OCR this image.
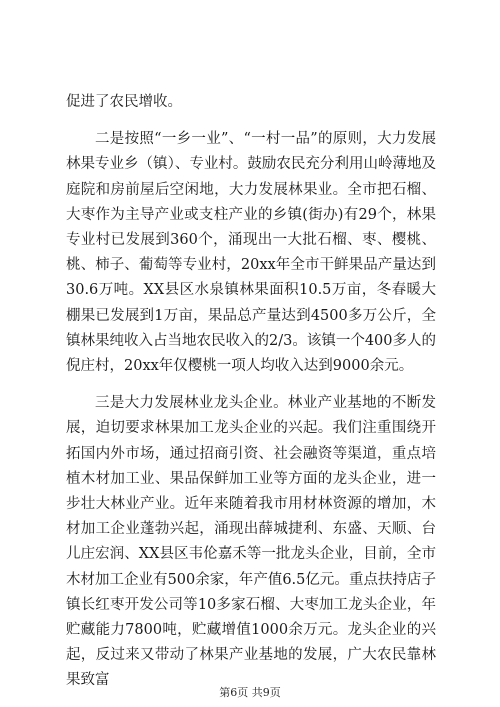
促进了农民增收。

二是按照“一乡一业”、“一村一品”的原则，大力发展林果专业乡（镇）、专业村。鼓励农民充分利用山岭薄地及庭院和房前屋后空闲地，大力发展林果业。全市把石榴、大枣作为主导产业或支柱产业的乡镇(街办)有29个，林果专业村已发展到360个，涌现出一大批石榴、枣、樱桃、桃、柿子、葡萄等专业村，20xx年全市干鲜果品产量达到30.6万吨。XX县区水泉镇林果面积10.5万亩，冬春暖大棚果已发展到1万亩，果品总产量达到4500多万公斤，全镇林果纯收入占当地农民收入的2/3。该镇一个400多人的倪庄村，20xx年仅樱桃一项人均收入达到9000余元。

三是大力发展林业龙头企业。林业产业基地的不断发展，迫切要求林果加工龙头企业的兴起。我们注重围绕开拓国内外市场，通过招商引资、社会融资等渠道，重点培植木材加工业、果品保鲜加工业等方面的龙头企业，进一步壮大林业产业。近年来随着我市用材林资源的增加，木材加工企业蓬勃兴起，涌现出薛城捷利、东盛、天顺、台儿庄宏润、XX县区韦伦嘉禾等一批龙头企业，目前，全市木材加工企业有500余家，年产值6.5亿元。重点扶持店子镇长红枣开发公司等10多家石榴、大枣加工龙头企业，年贮藏能力7800吨，贮藏增值1000余万元。龙头企业的兴起，反过来又带动了林果产业基地的发展，广大农民靠林果致富

第6页 共9页
